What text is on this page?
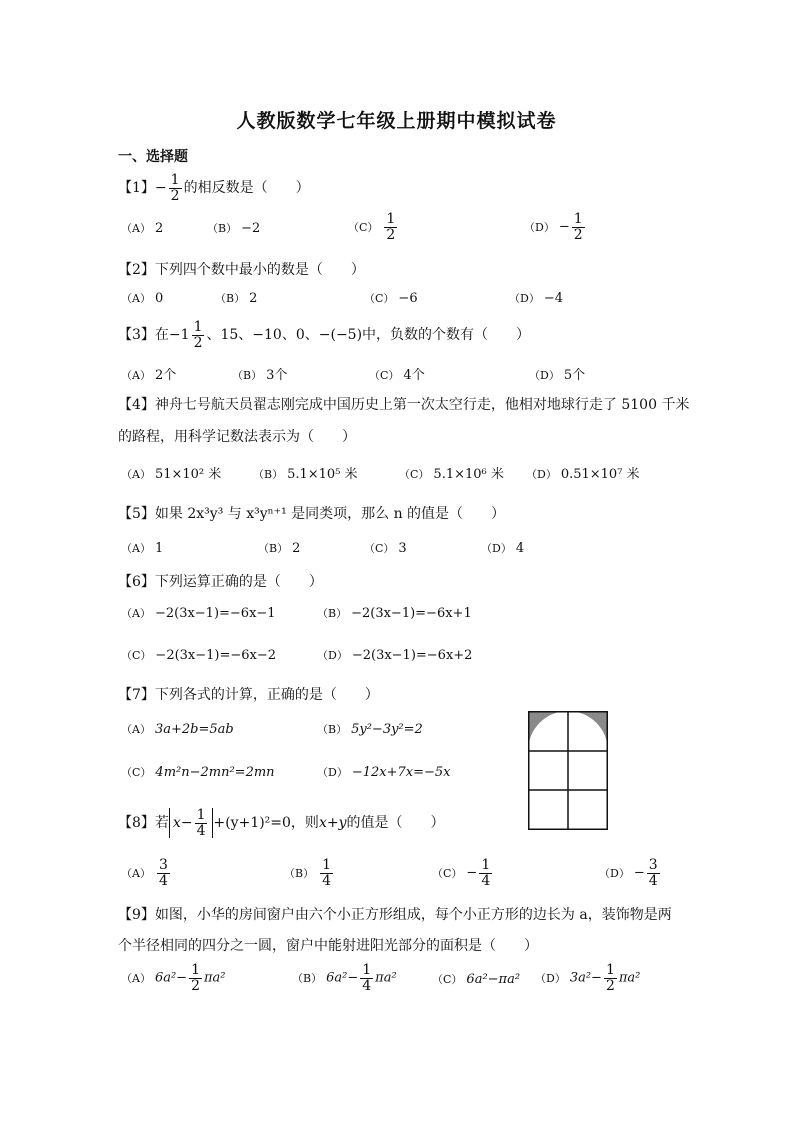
人教版数学七年级上册期中模拟试卷
一、选择题
【1】− $\frac{1}{2}$ 的相反数是（　　）
（A） 2	（B） −2	$(C) \frac{1}{2}$	$(D) - \frac{1}{2}$
【2】下列四个数中最小的数是（　　）
（A） 0	（B） 2	（C） −6	（D） −4
【3】在$-1 \frac{1}{2}$ 、15、−10、0、−(−5)中，负数的个数有（　　）
（A） 2个	（B） 3个	（C） 4个	（D） 5个
【4】神舟七号航天员翟志刚完成中国历史上第一次太空行走，他相对地球行走了 5100 千米
的路程，用科学记数法表示为（　　）
（A） 51×10² 米	（B） 5.1×10⁵ 米	（C） 5.1×10⁶ 米 （D） 0.51×10⁷ 米
【5】如果 2x³y³ 与 x³yⁿ⁺¹ 是同类项，那么 n 的值是（　　）
（A） 1	（B） 2	（C） 3	（D） 4
【6】下列运算正确的是（　　）
（A） −2(3x−1)=−6x−1	（B） −2(3x−1)=−6x+1
（C） −2(3x−1)=−6x−2	（D） −2(3x−1)=−6x+2
【7】下列各式的计算，正确的是（　　）
（A） 3a+2b=5ab	（B） 5y²−3y²=2
（C） 4m²n−2mn²=2mn	（D） −12x+7x=−5x
【8】若 $x- \frac{1}{4} +(y+1)^2=0$，则x+y的值是（　　）
$(A) \frac{3}{4}$	$(B) \frac{1}{4}$	$(C) - \frac{1}{4}$	$(D) - \frac{3}{4}$
【9】如图，小华的房间窗户由六个小正方形组成，每个小正方形的边长为 a，装饰物是两
个半径相同的四分之一圆，窗户中能射进阳光部分的面积是（　　）
（A） $6a^2- \frac{1}{2} \pi a^2$	（B） $6a^2- \frac{1}{4} \pi a^2$	（C） 6a²−πa² （D） $3a^2- \frac{1}{2} \pi a^2$
